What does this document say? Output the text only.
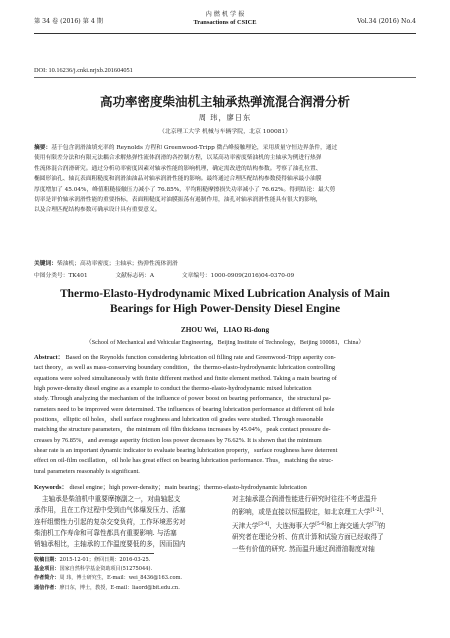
第 34 卷 (2016) 第 4 期
内 燃 机 学 报
Transactions of CSICE	Vol.34 (2016) No.4
DOI: 10.16236/j.cnki.nrjxb.201604051
高功率密度柴油机主轴承热弹流混合润滑分析
周 玮，廖日东
（北京理工大学 机械与车辆学院，北京 100081）
摘要：基于包含润滑油填充率的 Reynolds 方程和 Greenwood-Tripp 微凸峰接触理论，采用质量守恒边界条件，通过
使用有限差分法和有限元法耦合求解热弹性流体润滑的各控制方程，以某高功率密度柴油机的主轴承为例进行热弹
性流体混合润滑研究。通过分析功率密度因素对轴承性能的影响机理，确定需改进的结构参数。考察了油孔位置、
椭圆形油孔、轴瓦表面粗糙度和润滑油油品对轴承润滑性能的影响。最终通过合理匹配结构参数使得轴承最小油膜
厚度增加了 45.04%，峰值粗糙接触压力减小了 76.85%，平均粗糙摩擦损失功率减小了 76.62%。得到结论：最大剪
切率是评价轴承润滑性能的重要指标，表面粗糙度对油膜振荡有遏制作用，油孔对轴承润滑性能具有很大的影响，
以及合理匹配结构参数可确承设计具有重要意义。
关键词：柴油机；高功率密度；主轴承；热弹性流体润滑
中图分类号：TK401	文献标志码：A	文章编号：1000-0909(2016)04-0370-09
Thermo-Elasto-Hydrodynamic Mixed Lubrication Analysis of Main
Bearings for High Power-Density Diesel Engine
ZHOU Wei，LIAO Ri-dong
（School of Mechanical and Vehicular Engineering，Beijing Institute of Technology，Beijing 100081，China）
Abstract： Based on the Reynolds function considering lubrication oil filling rate and Greenwood-Tripp asperity con-
tact theory，as well as mass-conserving boundary condition，the thermo-elasto-hydrodynamic lubrication controlling
equations were solved simultaneously with finite different method and finite element method. Taking a main bearing of
high power-density diesel engine as a example to conduct the thermo-elasto-hydrodynamic mixed lubrication
study. Through analyzing the mechanism of the influence of power boost on bearing performance，the structural pa-
rameters need to be improved were determined. The influences of bearing lubrication performance at different oil hole
positions，elliptic oil holes，shell surface roughness and lubrication oil grades were studied. Through reasonable
matching the structure parameters，the minimum oil film thickness increases by 45.04%，peak contact pressure de-
creases by 76.85%，and average asperity friction loss power decreases by 76.62%. It is shown that the minimum
shear rate is an important dynamic indicator to evaluate bearing lubrication property，surface roughness have deterrent
effect on oil-film oscillation，oil hole has great effect on bearing lubrication performance. Thus，matching the struc-
tural parameters reasonably is significant.
Keywords： diesel engine；high power-density；main bearing；thermo-elasto-hydrodynamic lubrication
主轴承是柴油机中重要摩擦副之一，对曲轴起支
承作用，且在工作过程中受到由气体爆发压力、活塞
连杆组惯性力引起的复杂交变负荷，工作环境恶劣对
柴油机工作寿命和可靠性都具有重要影响. 与活塞
销轴承相比，主轴承的工作温度要低的多，因而国内
对主轴承混合润滑性能进行研究时往往不考虑温升
的影响，或是直接以恒温假定，如北京理工大学[1-2]、
天津大学[3-4]、大连海事大学[5-6]和上海交通大学[7]的
研究者在理论分析、仿真计算和试验方面已经取得了
一些有价值的研究. 然而温升通过润滑油黏度对轴
收稿日期：2015-12-01；修回日期：2016-03-25.
基金项目：国家自然科学基金资助项目(51275044).
作者简介：周 玮，博士研究生，E-mail：wei_8436@163.com.
通信作者：廖日东，博士，教授，E-mail：liaord@bit.edu.cn.
